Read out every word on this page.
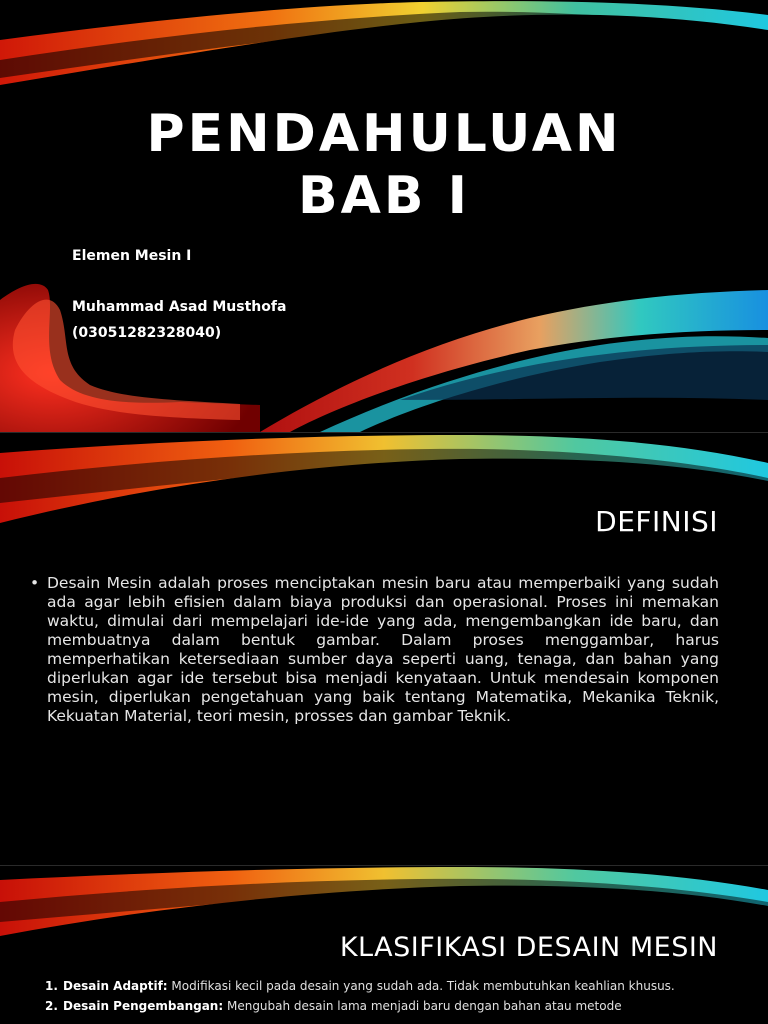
PENDAHULUAN
BAB I
Elemen Mesin I
Muhammad Asad Musthofa
(03051282328040)
DEFINISI
• Desain Mesin adalah proses menciptakan mesin baru atau memperbaiki yang sudah ada agar lebih efisien dalam biaya produksi dan operasional. Proses ini memakan waktu, dimulai dari mempelajari ide-ide yang ada, mengembangkan ide baru, dan membuatnya dalam bentuk gambar. Dalam proses menggambar, harus memperhatikan ketersediaan sumber daya seperti uang, tenaga, dan bahan yang diperlukan agar ide tersebut bisa menjadi kenyataan. Untuk mendesain komponen mesin, diperlukan pengetahuan yang baik tentang Matematika, Mekanika Teknik, Kekuatan Material, teori mesin, prosses dan gambar Teknik.
KLASIFIKASI DESAIN MESIN
1. Desain Adaptif: Modifikasi kecil pada desain yang sudah ada. Tidak membutuhkan keahlian khusus.
2. Desain Pengembangan: Mengubah desain lama menjadi baru dengan bahan atau metode
